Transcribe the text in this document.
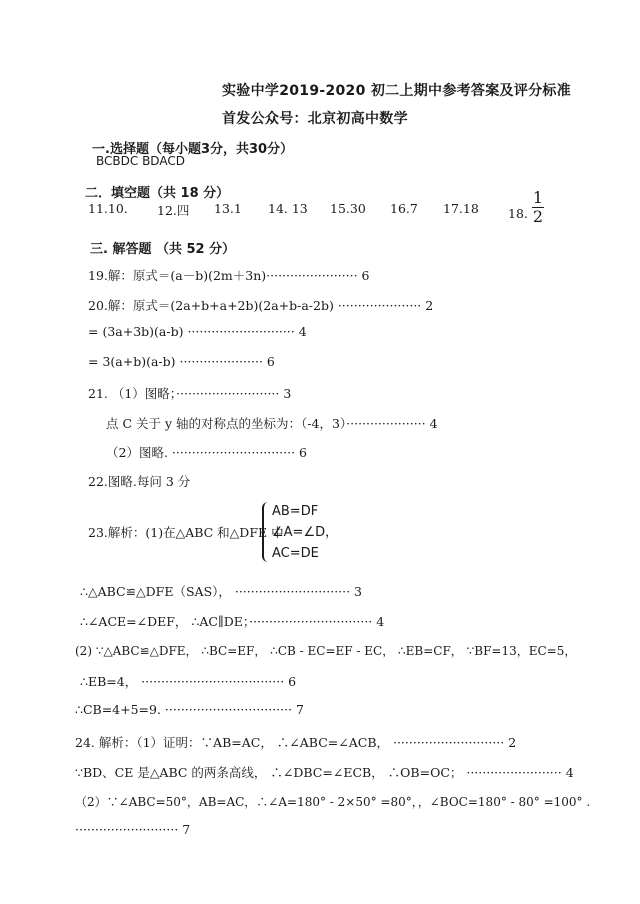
实验中学2019-2020 初二上期中参考答案及评分标准
首发公众号：北京初高中数学
一.选择题（每小题3分，共30分）
BCBDC BDACD
二．填空题（共 18 分）
11.10. 12.四 13.1 14. 13 15.30 16.7 17.18 18. $\frac{1}{2}$
三. 解答题 （共 52 分）
19.解：原式＝(a－b)(2m＋3n)······················· 6
20.解：原式＝(2a+b+a+2b)(2a+b-a-2b) ····················· 2
= (3a+3b)(a-b) ··························· 4
= 3(a+b)(a-b) ····················· 6
21. （1）图略；·························· 3
点 C 关于 y 轴的对称点的坐标为：（-4，3）···················· 4
（2）图略. ······························· 6
22.图略.每问 3 分
23.解析：(1)在△ABC 和△DFE 中
AB=DF
∠A=∠D，
AC=DE
∴△ABC≌△DFE（SAS）， ····························· 3
∴∠ACE=∠DEF， ∴AC∥DE；······························· 4
(2) ∵△ABC≌△DFE， ∴BC=EF， ∴CB - EC=EF - EC， ∴EB=CF， ∵BF=13，EC=5，
∴EB=4， ···································· 6
∴CB=4+5=9. ································ 7
24. 解析：（1）证明：∵AB=AC， ∴∠ABC=∠ACB， ···························· 2
∵BD、CE 是△ABC 的两条高线， ∴∠DBC=∠ECB， ∴OB=OC； ························ 4
（2）∵∠ABC=50°，AB=AC，∴∠A=180° - 2×50° =80°，，∠BOC=180° - 80° =100° .
·························· 7
